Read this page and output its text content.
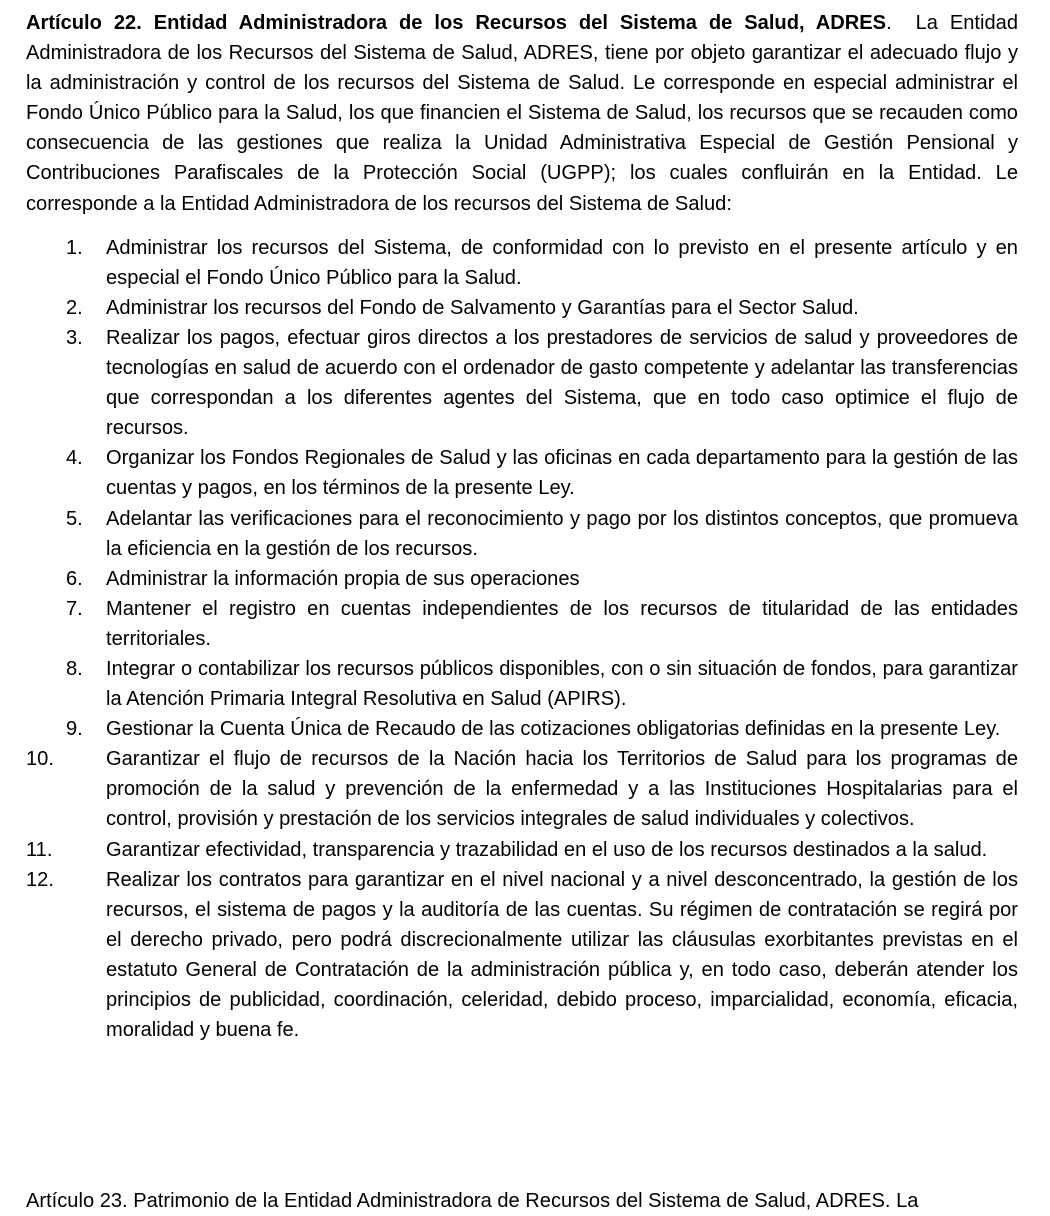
Artículo 22. Entidad Administradora de los Recursos del Sistema de Salud, ADRES.  La Entidad Administradora de los Recursos del Sistema de Salud, ADRES, tiene por objeto garantizar el adecuado flujo y la administración y control de los recursos del Sistema de Salud. Le corresponde en especial administrar el Fondo Único Público para la Salud, los que financien el Sistema de Salud, los recursos que se recauden como consecuencia de las gestiones que realiza la Unidad Administrativa Especial de Gestión Pensional y Contribuciones Parafiscales de la Protección Social (UGPP); los cuales confluirán en la Entidad. Le corresponde a la Entidad Administradora de los recursos del Sistema de Salud:

1. Administrar los recursos del Sistema, de conformidad con lo previsto en el presente artículo y en especial el Fondo Único Público para la Salud.
2. Administrar los recursos del Fondo de Salvamento y Garantías para el Sector Salud.
3. Realizar los pagos, efectuar giros directos a los prestadores de servicios de salud y proveedores de tecnologías en salud de acuerdo con el ordenador de gasto competente y adelantar las transferencias que correspondan a los diferentes agentes del Sistema, que en todo caso optimice el flujo de recursos.
4. Organizar los Fondos Regionales de Salud y las oficinas en cada departamento para la gestión de las cuentas y pagos, en los términos de la presente Ley.
5. Adelantar las verificaciones para el reconocimiento y pago por los distintos conceptos, que promueva la eficiencia en la gestión de los recursos.
6. Administrar la información propia de sus operaciones
7. Mantener el registro en cuentas independientes de los recursos de titularidad de las entidades territoriales.
8. Integrar o contabilizar los recursos públicos disponibles, con o sin situación de fondos, para garantizar la Atención Primaria Integral Resolutiva en Salud (APIRS).
9. Gestionar la Cuenta Única de Recaudo de las cotizaciones obligatorias definidas en la presente Ley.
10.	Garantizar el flujo de recursos de la Nación hacia los Territorios de Salud para los programas de promoción de la salud y prevención de la enfermedad y a las Instituciones Hospitalarias para el control, provisión y prestación de los servicios integrales de salud individuales y colectivos.
11.	Garantizar efectividad, transparencia y trazabilidad en el uso de los recursos destinados a la salud.
12.	Realizar los contratos para garantizar en el nivel nacional y a nivel desconcentrado, la gestión de los recursos, el sistema de pagos y la auditoría de las cuentas. Su régimen de contratación se regirá por el derecho privado, pero podrá discrecionalmente utilizar las cláusulas exorbitantes previstas en el estatuto General de Contratación de la administración pública y, en todo caso, deberán atender los principios de publicidad, coordinación, celeridad, debido proceso, imparcialidad, economía, eficacia, moralidad y buena fe.
Artículo 23. Patrimonio de la Entidad Administradora de Recursos del Sistema de Salud, ADRES. La
